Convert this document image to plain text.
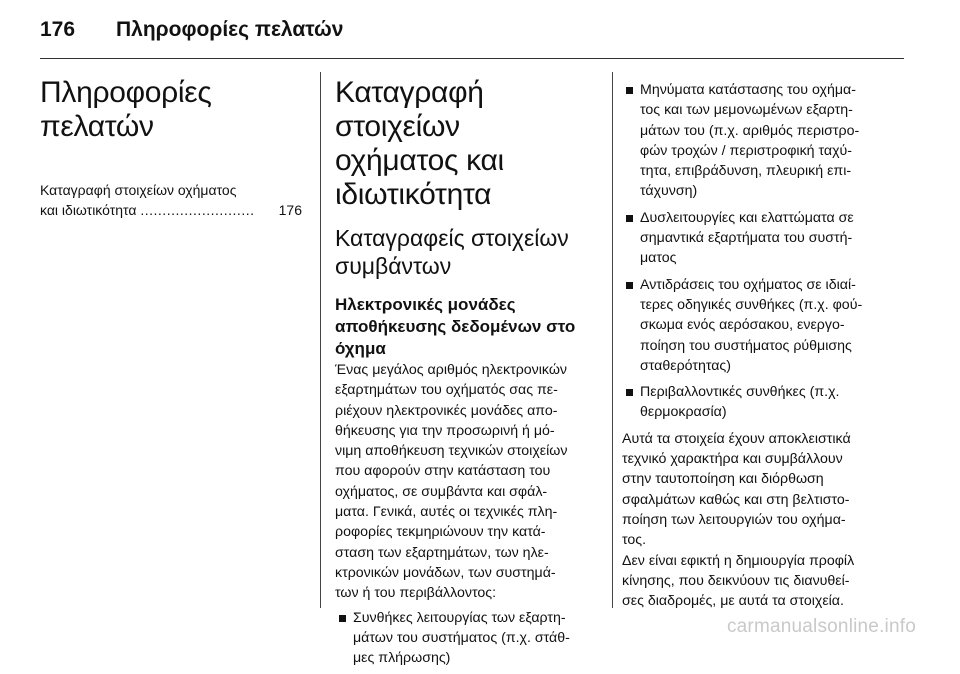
176 Πληροφορίες πελατών
Πληροφορίες
πελατών
Καταγραφή στοιχείων οχήματος
και ιδιωτικότητα
..........................
	176
Καταγραφή στοιχείων
οχήματος και
ιδιωτικότητα
Καταγραφείς στοιχείων
συμβάντων
Ηλεκτρονικές μονάδες
αποθήκευσης δεδομένων στο
όχημα

Ένας μεγάλος αριθμός ηλεκτρονικών
εξαρτημάτων του οχήματός σας πε-
ριέχουν ηλεκτρονικές μονάδες απο-
θήκευσης για την προσωρινή ή μό-
νιμη αποθήκευση τεχνικών στοιχείων
που αφορούν στην κατάσταση του
οχήματος, σε συμβάντα και σφάλ-
ματα. Γενικά, αυτές οι τεχνικές πλη-
ροφορίες τεκμηριώνουν την κατά-
σταση των εξαρτημάτων, των ηλε-
κτρονικών μονάδων, των συστημά-
των ή του περιβάλλοντος:

Συνθήκες λειτουργίας των εξαρτη-
μάτων του συστήματος (π.χ. στάθ-
μες πλήρωσης)
Μηνύματα κατάστασης του οχήμα-
τος και των μεμονωμένων εξαρτη-
μάτων του (π.χ. αριθμός περιστρο-
φών τροχών / περιστροφική ταχύ-
τητα, επιβράδυνση, πλευρική επι-
τάχυνση)
Δυσλειτουργίες και ελαττώματα σε
σημαντικά εξαρτήματα του συστή-
ματος
Αντιδράσεις του οχήματος σε ιδιαί-
τερες οδηγικές συνθήκες (π.χ. φού-
σκωμα ενός αερόσακου, ενεργο-
ποίηση του συστήματος ρύθμισης
σταθερότητας)
Περιβαλλοντικές συνθήκες (π.χ.
θερμοκρασία)

Αυτά τα στοιχεία έχουν αποκλειστικά
τεχνικό χαρακτήρα και συμβάλλουν
στην ταυτοποίηση και διόρθωση
σφαλμάτων καθώς και στη βελτιστο-
ποίηση των λειτουργιών του οχήμα-
τος.

Δεν είναι εφικτή η δημιουργία προφίλ
κίνησης, που δεικνύουν τις διανυθεί-
σες διαδρομές, με αυτά τα στοιχεία.

carmanualsonline.info
